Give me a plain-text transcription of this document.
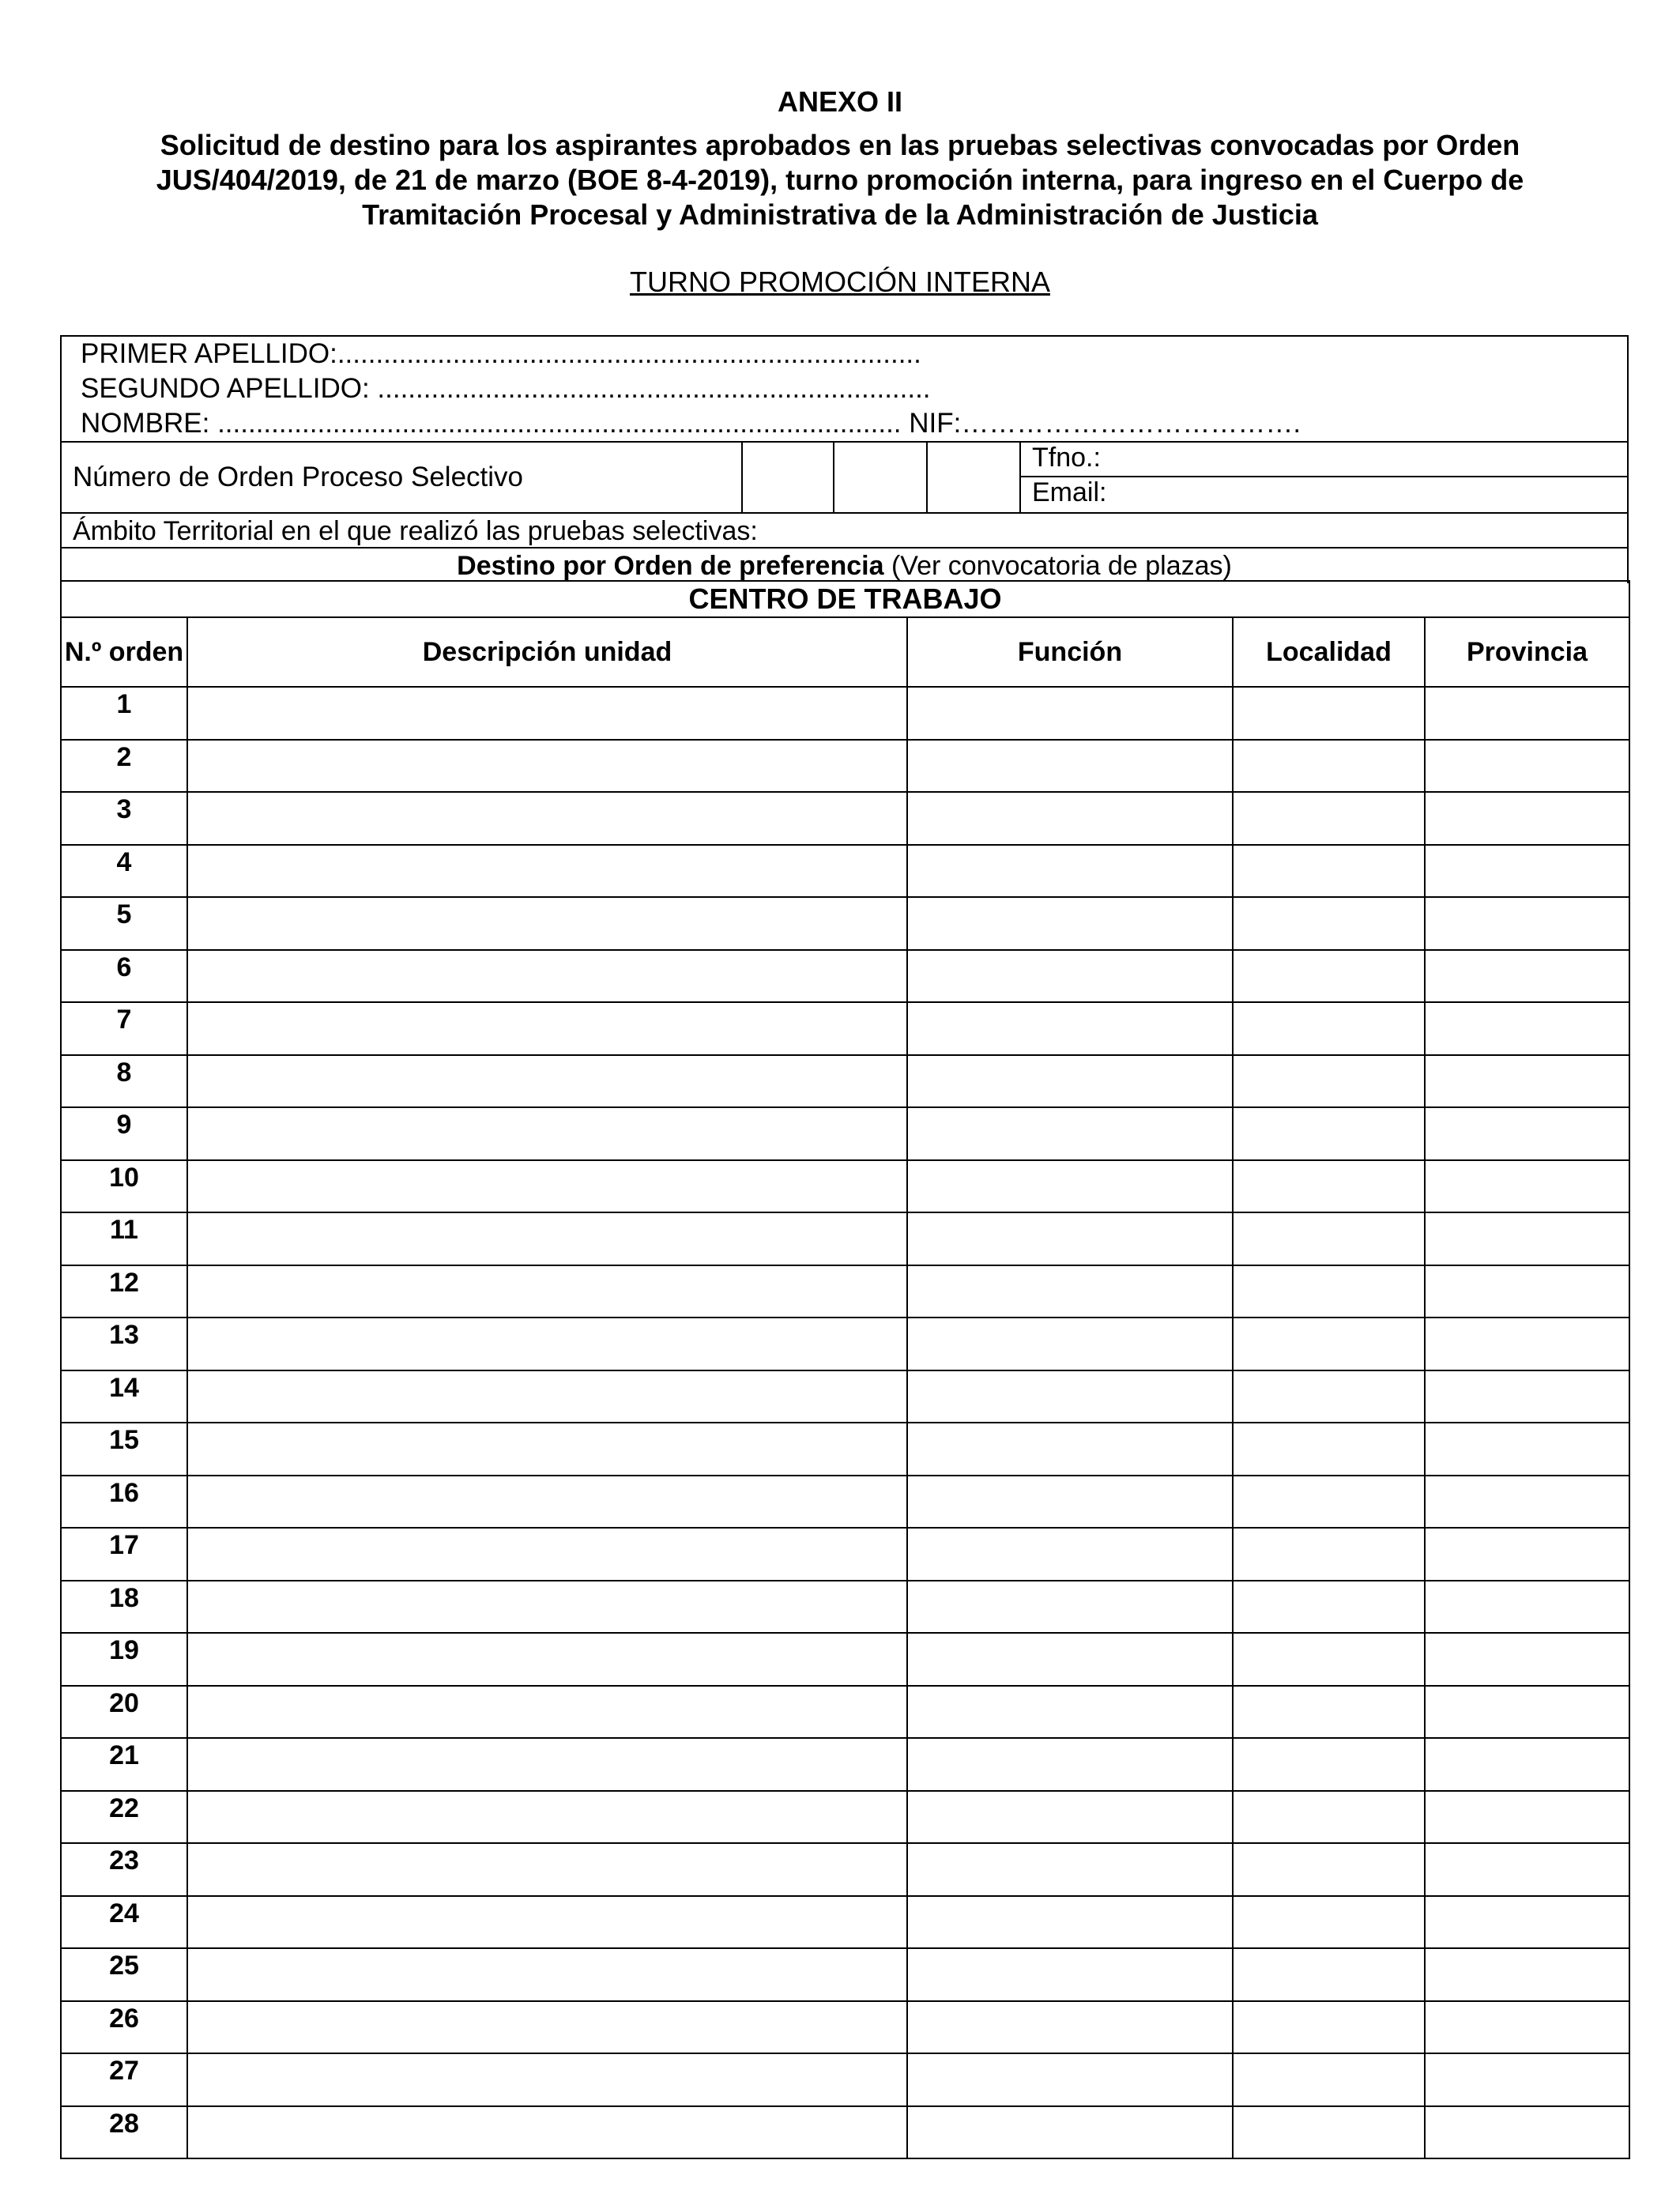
ANEXO II
Solicitud de destino para los aspirantes aprobados en las pruebas selectivas convocadas por Orden JUS/404/2019, de 21 de marzo (BOE 8-4-2019), turno promoción interna, para ingreso en el Cuerpo de Tramitación Procesal y Administrativa de la Administración de Justicia
TURNO PROMOCIÓN INTERNA
PRIMER APELLIDO:............................................................................
SEGUNDO APELLIDO: ........................................................................
NOMBRE: ......................................................................................... NIF:……………………………….
Número de Orden Proceso Selectivo
Tfno.:
Email:
Ámbito Territorial en el que realizó las pruebas selectivas:
Destino por Orden de preferencia (Ver convocatoria de plazas)
CENTRO DE TRABAJO				
N.º orden	Descripción unidad	Función	Localidad	Provincia
1				
2				
3				
4				
5				
6				
7				
8				
9				
10				
11				
12				
13				
14				
15				
16				
17				
18				
19				
20				
21				
22				
23				
24				
25				
26				
27				
28				
